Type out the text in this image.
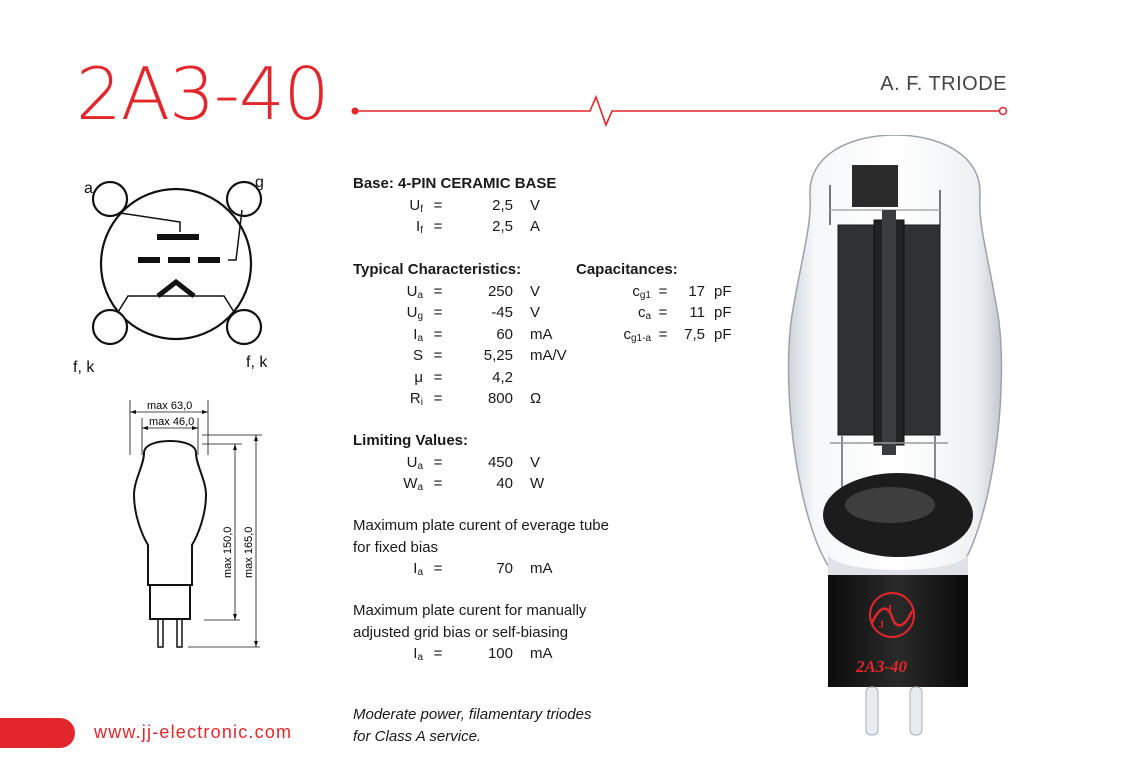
2A3-40	A. F. TRIODE
a	g
f, k	f, k
max 63,0
max 46,0
max 150,0 max 165,0
Base: 4-PIN CERAMIC BASE
$U_f$ =	2,5	V
$I_f$ =	2,5	A
Typical Characteristics:
$U_a$ =	250	V
$U_g$ =	-45	V
$I_a$ =	60	mA
S =	5,25	mA/V
μ =	4,2
$R_i$ =	800	Ω
Capacitances:
$c_{g1}$ =	17 pF
$c_a$ =	11 pF
$c_{g1-a}$ =	7,5 pF
Limiting Values:
$U_a$ =	450	V
$W_a$ =	40	W
Maximum plate curent of everage tube
for fixed bias
$I_a$ =	70	mA
Maximum plate curent for manually
adjusted grid bias or self-biasing
$I_a$ =	100	mA
Moderate power, filamentary triodes
for Class A service.
J
J
2A3-40
www.jj-electronic.com
